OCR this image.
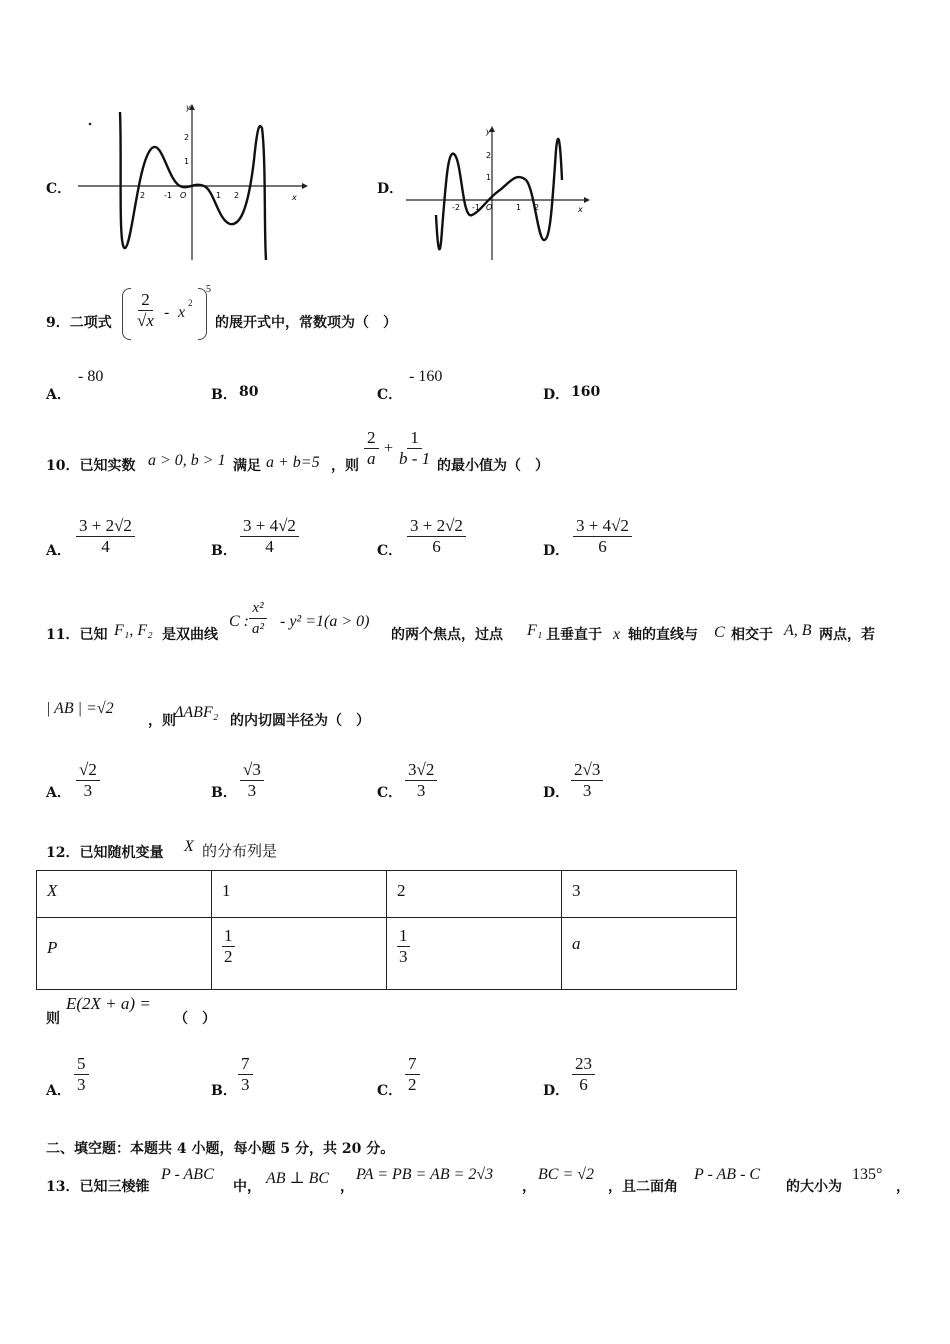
C．	2 -1 O	1 2
2
1
x
y
D．
-2 -1 O	1 2
2
1
x
y
9．二项式 $\frac{2}{√x}$ - x
2
5
的展开式中，常数项为（　）
A．
- 80
B． 80	C．
- 160
D． 160
10．已知实数 a > 0, b > 1 满足 a + b=5 ，则 $\frac{2}{a} + \frac{1}{b - 1}$ 的最小值为（　）
A． $\frac{3 + 2√2}{4}$	B． $\frac{3 + 4√2}{4}$	C． $\frac{3 + 2√2}{6}$	D． $\frac{3 + 4√2}{6}$
11．已知 F₁, F₂ 是双曲线
C : $\frac{\text{x²}}{\text{a²}} - y^2 =1(a > 0)$
的两个焦点，过点 F₁ 且垂直于 x 轴的直线与 C 相交于 A, B 两点，若
| AB | =√2
，则
ΔABF₂ 的内切圆半径为（　）
A． $\frac{√2}{3}$	B． $\frac{√3}{3}$	C． $\frac{3√2}{3}$	D． $\frac{2√3}{3}$
12．已知随机变量 X 的分布列是
X	1	2	3
P	$\frac{1}{2}$	$\frac{1}{3}$	a
则
E(2X + a) =
（　）
A． $\frac{5}{3}$	B． $\frac{7}{3}$	C． $\frac{7}{2}$	D． $\frac{23}{6}$
二、填空题：本题共 4 小题，每小题 5 分，共 20 分。
13．已知三棱锥
P - ABC
中， AB ⊥ BC ，
PA = PB = AB = 2√3
，
BC = √2
，且二面角
P - AB - C
的大小为
135°
，
